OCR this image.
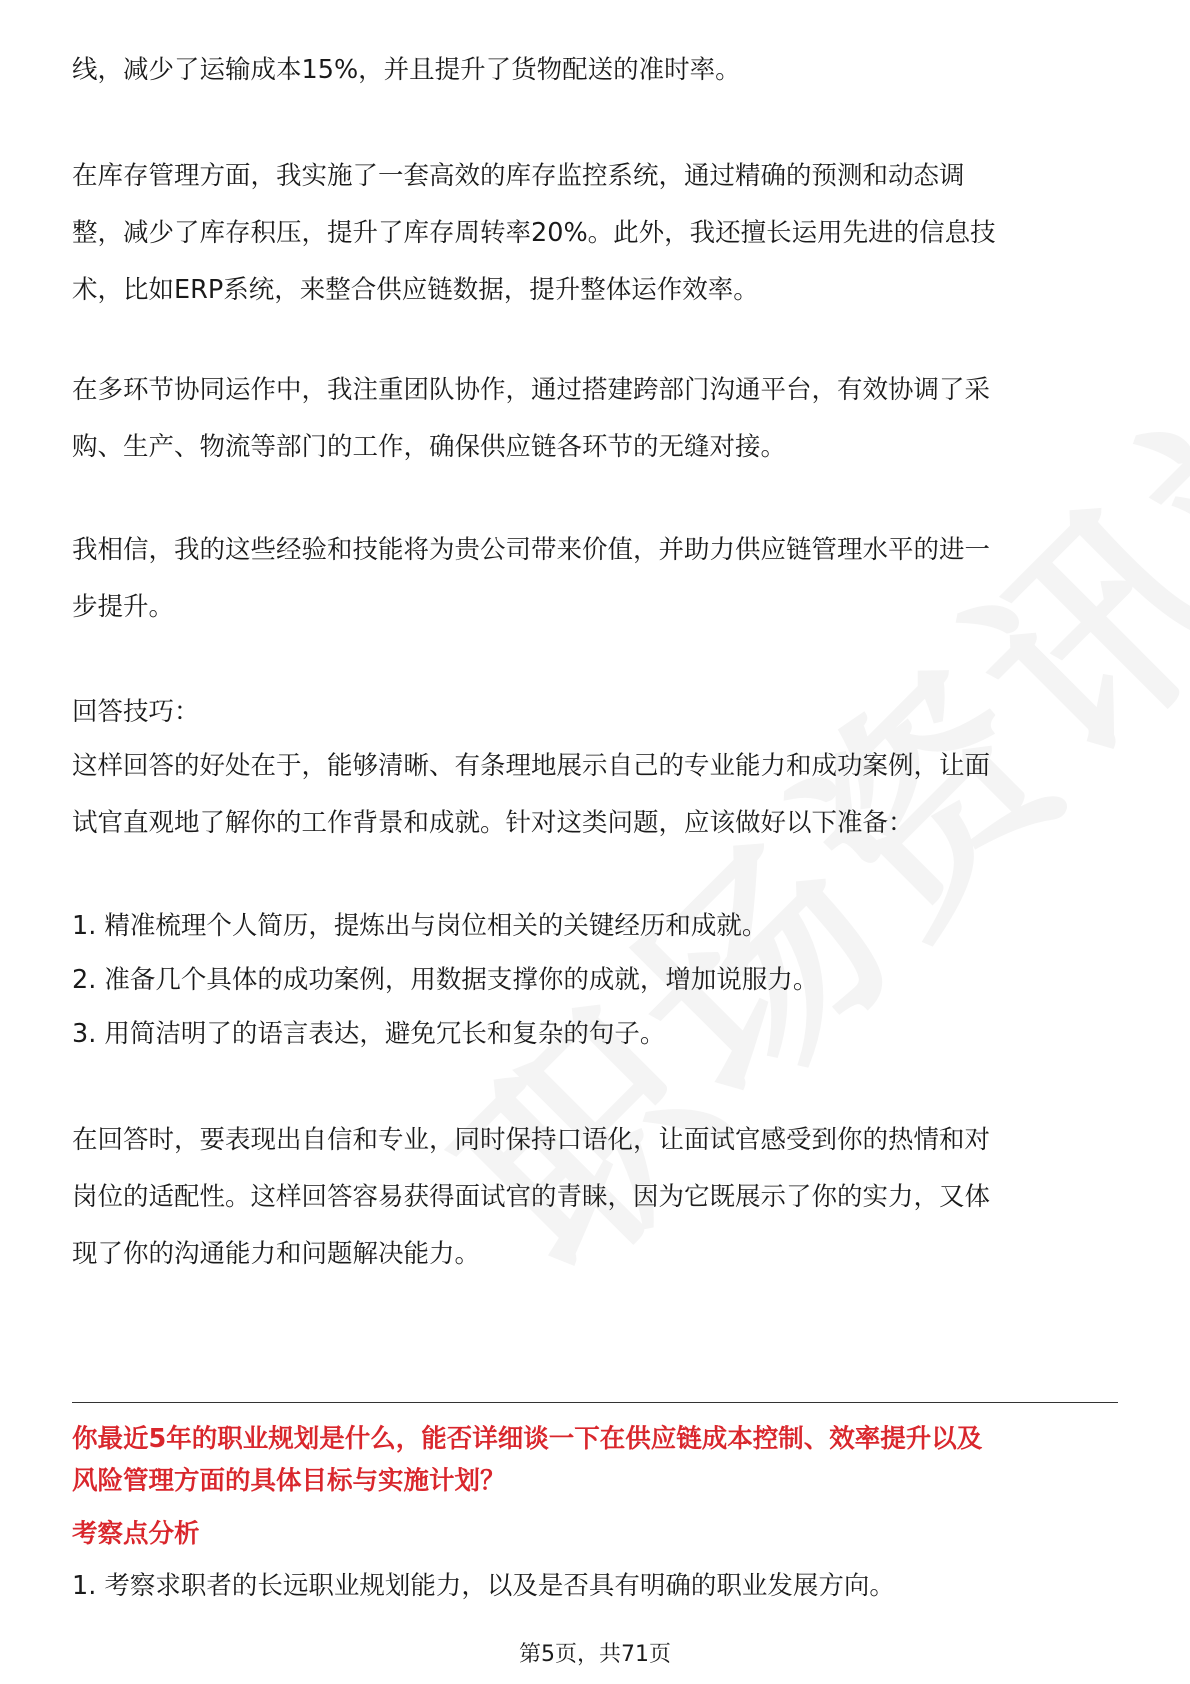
线，减少了运输成本15%，并且提升了货物配送的准时率。

在库存管理方面，我实施了一套高效的库存监控系统，通过精确的预测和动态调
整，减少了库存积压，提升了库存周转率20%。此外，我还擅长运用先进的信息技
术，比如ERP系统，来整合供应链数据，提升整体运作效率。

在多环节协同运作中，我注重团队协作，通过搭建跨部门沟通平台，有效协调了采
购、生产、物流等部门的工作，确保供应链各环节的无缝对接。

我相信，我的这些经验和技能将为贵公司带来价值，并助力供应链管理水平的进一
步提升。

回答技巧：

这样回答的好处在于，能够清晰、有条理地展示自己的专业能力和成功案例，让面
试官直观地了解你的工作背景和成就。针对这类问题，应该做好以下准备：

1. 精准梳理个人简历，提炼出与岗位相关的关键经历和成就。

2. 准备几个具体的成功案例，用数据支撑你的成就，增加说服力。

3. 用简洁明了的语言表达，避免冗长和复杂的句子。

在回答时，要表现出自信和专业，同时保持口语化，让面试官感受到你的热情和对
岗位的适配性。这样回答容易获得面试官的青睐，因为它既展示了你的实力，又体
现了你的沟通能力和问题解决能力。

你最近5年的职业规划是什么，能否详细谈一下在供应链成本控制、效率提升以及
风险管理方面的具体目标与实施计划？

考察点分析

1. 考察求职者的长远职业规划能力，以及是否具有明确的职业发展方向。

第5页，共71页
